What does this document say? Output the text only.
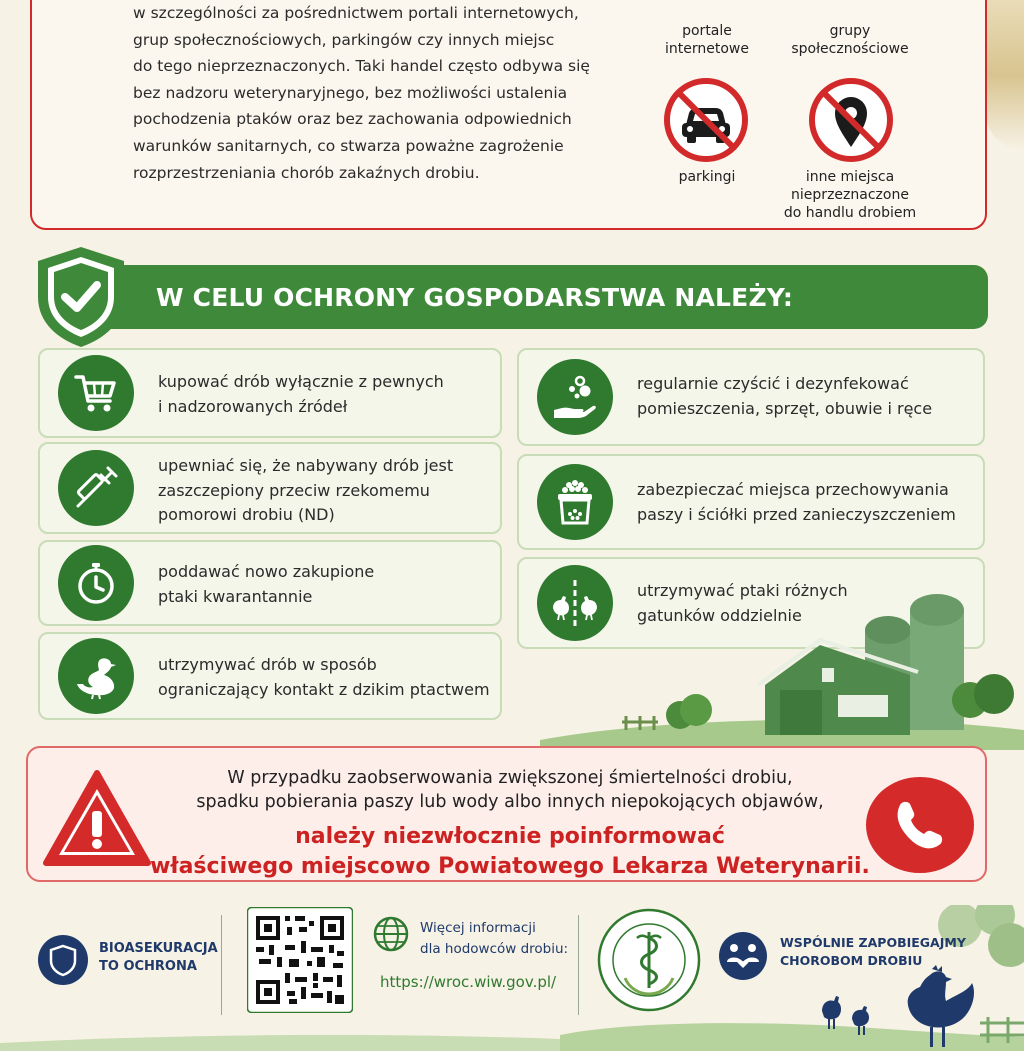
w szczególności za pośrednictwem portali internetowych,
grup społecznościowych, parkingów czy innych miejsc
do tego nieprzeznaczonych. Taki handel często odbywa się
bez nadzoru weterynaryjnego, bez możliwości ustalenia
pochodzenia ptaków oraz bez zachowania odpowiednich
warunków sanitarnych, co stwarza poważne zagrożenie
rozprzestrzeniania chorób zakaźnych drobiu.
portale
internetowe
grupy
społecznościowe
parkingi	inne miejsca
nieprzeznaczone
do handlu drobiem
W CELU OCHRONY GOSPODARSTWA NALEŻY:
kupować drób wyłącznie z pewnych
i nadzorowanych źródeł
upewniać się, że nabywany drób jest
zaszczepiony przeciw rzekomemu
pomorowi drobiu (ND)
poddawać nowo zakupione
ptaki kwarantannie
utrzymywać drób w sposób
ograniczający kontakt z dzikim ptactwem
regularnie czyścić i dezynfekować
pomieszczenia, sprzęt, obuwie i ręce
zabezpieczać miejsca przechowywania
paszy i ściółki przed zanieczyszczeniem
utrzymywać ptaki różnych
gatunków oddzielnie
W przypadku zaobserwowania zwiększonej śmiertelności drobiu,
spadku pobierania paszy lub wody albo innych niepokojących objawów,
należy niezwłocznie poinformować
właściwego miejscowo Powiatowego Lekarza Weterynarii.
BIOASEKURACJA
TO OCHRONA
Więcej informacji
dla hodowców drobiu:
https://wroc.wiw.gov.pl/
WSPÓLNIE ZAPOBIEGAJMY
CHOROBOM DROBIU
